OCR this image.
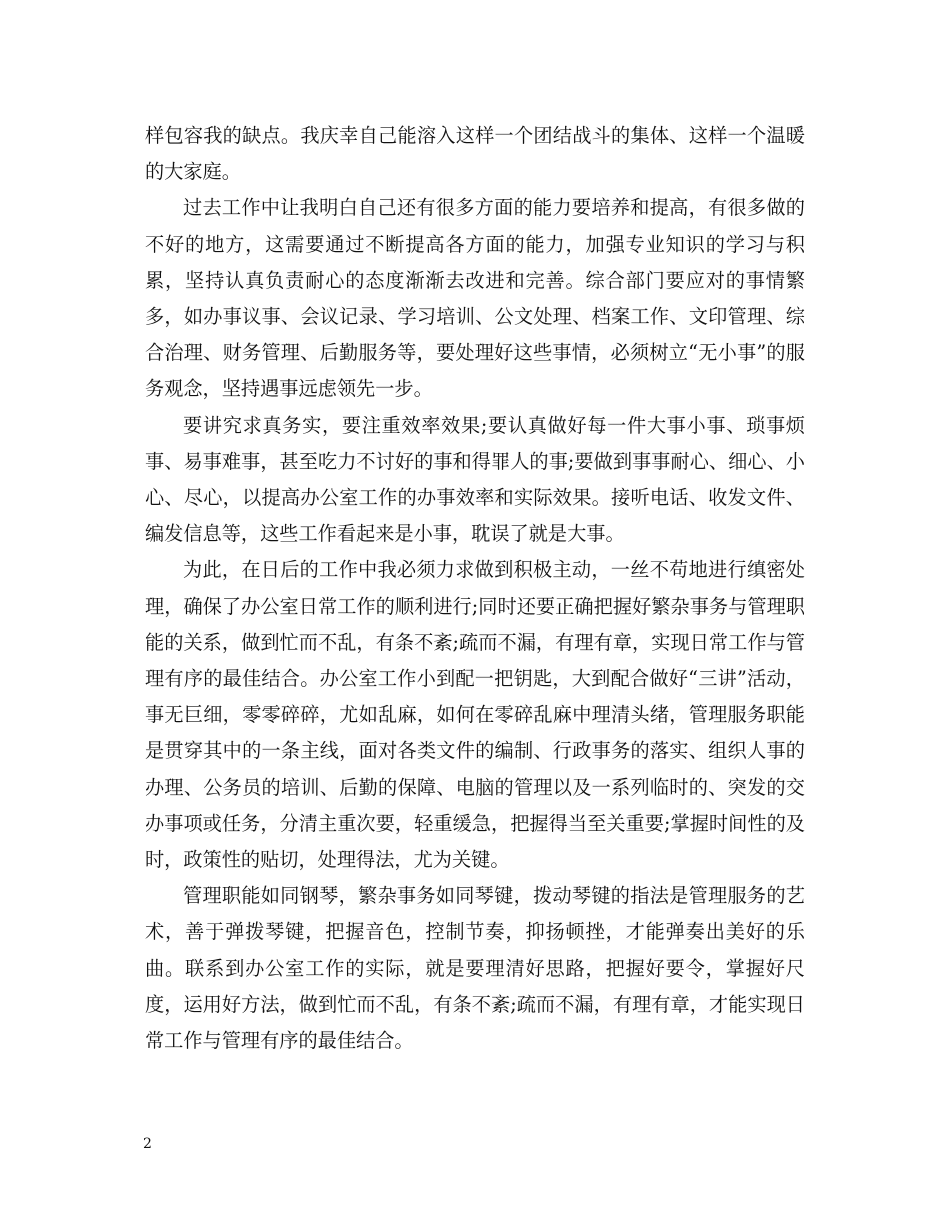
样包容我的缺点。我庆幸自己能溶入这样一个团结战斗的集体、这样一个温暖的大家庭。

过去工作中让我明白自己还有很多方面的能力要培养和提高，有很多做的不好的地方，这需要通过不断提高各方面的能力，加强专业知识的学习与积累，坚持认真负责耐心的态度渐渐去改进和完善。综合部门要应对的事情繁多，如办事议事、会议记录、学习培训、公文处理、档案工作、文印管理、综合治理、财务管理、后勤服务等，要处理好这些事情，必须树立“无小事”的服务观念，坚持遇事远虑领先一步。

要讲究求真务实，要注重效率效果;要认真做好每一件大事小事、琐事烦事、易事难事，甚至吃力不讨好的事和得罪人的事;要做到事事耐心、细心、小心、尽心，以提高办公室工作的办事效率和实际效果。接听电话、收发文件、编发信息等，这些工作看起来是小事，耽误了就是大事。

为此，在日后的工作中我必须力求做到积极主动，一丝不苟地进行缜密处理，确保了办公室日常工作的顺利进行;同时还要正确把握好繁杂事务与管理职能的关系，做到忙而不乱，有条不紊;疏而不漏，有理有章，实现日常工作与管理有序的最佳结合。办公室工作小到配一把钥匙，大到配合做好“三讲”活动，事无巨细，零零碎碎，尤如乱麻，如何在零碎乱麻中理清头绪，管理服务职能是贯穿其中的一条主线，面对各类文件的编制、行政事务的落实、组织人事的办理、公务员的培训、后勤的保障、电脑的管理以及一系列临时的、突发的交办事项或任务，分清主重次要，轻重缓急，把握得当至关重要;掌握时间性的及时，政策性的贴切，处理得法，尤为关键。

管理职能如同钢琴，繁杂事务如同琴键，拨动琴键的指法是管理服务的艺术，善于弹拨琴键，把握音色，控制节奏，抑扬顿挫，才能弹奏出美好的乐曲。联系到办公室工作的实际，就是要理清好思路，把握好要令，掌握好尺度，运用好方法，做到忙而不乱，有条不紊;疏而不漏，有理有章，才能实现日常工作与管理有序的最佳结合。

2
